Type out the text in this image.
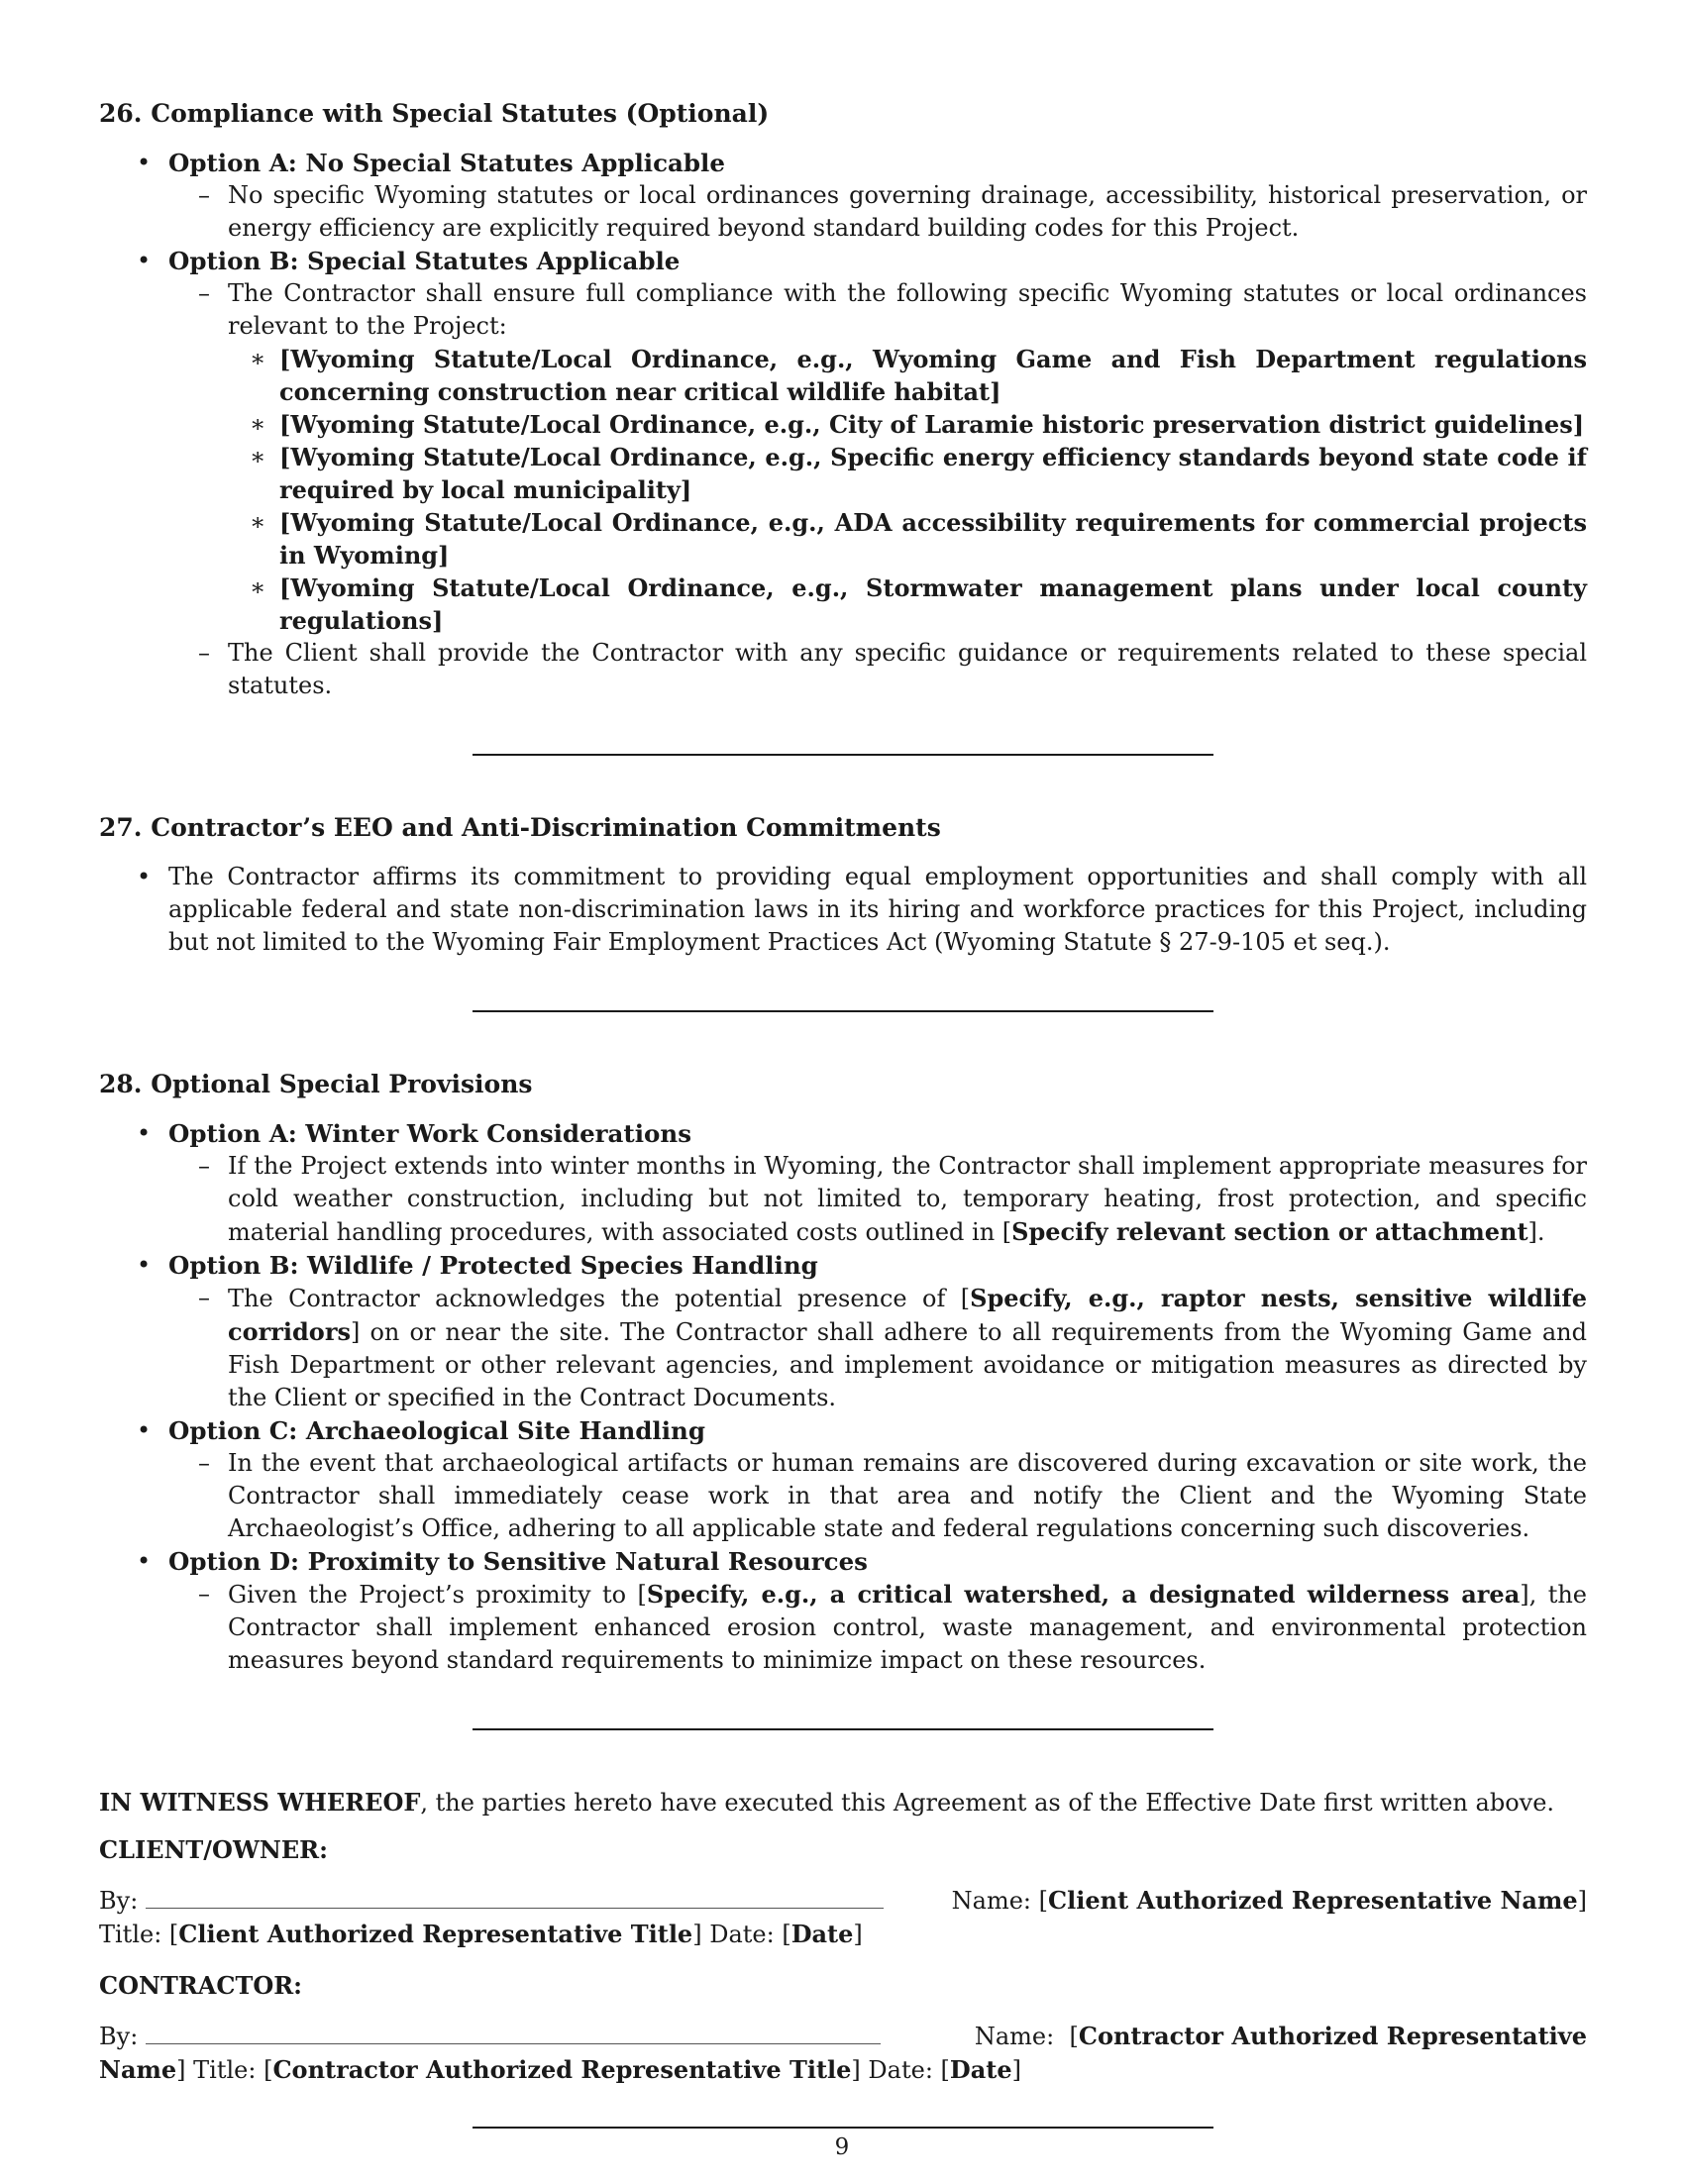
26. Compliance with Special Statutes (Optional)
• Option A: No Special Statutes Applicable
– No specific Wyoming statutes or local ordinances governing drainage, accessibility, historical preservation, or energy efficiency are explicitly required beyond standard building codes for this Project.
• Option B: Special Statutes Applicable
– The Contractor shall ensure full compliance with the following specific Wyoming statutes or local ordinances relevant to the Project:
∗ [Wyoming Statute/Local Ordinance, e.g., Wyoming Game and Fish Department regulations concerning construction near critical wildlife habitat]
∗ [Wyoming Statute/Local Ordinance, e.g., City of Laramie historic preservation district guidelines]
∗ [Wyoming Statute/Local Ordinance, e.g., Specific energy efficiency standards beyond state code if required by local municipality]
∗ [Wyoming Statute/Local Ordinance, e.g., ADA accessibility requirements for commercial projects in Wyoming]
∗ [Wyoming Statute/Local Ordinance, e.g., Stormwater management plans under local county regulations]
– The Client shall provide the Contractor with any specific guidance or requirements related to these special statutes.
27. Contractor’s EEO and Anti-Discrimination Commitments
• The Contractor affirms its commitment to providing equal employment opportunities and shall comply with all applicable federal and state non-discrimination laws in its hiring and workforce practices for this Project, including but not limited to the Wyoming Fair Employment Practices Act (Wyoming Statute § 27-9-105 et seq.).
28. Optional Special Provisions
• Option A: Winter Work Considerations
– If the Project extends into winter months in Wyoming, the Contractor shall implement appropriate measures for cold weather construction, including but not limited to, temporary heating, frost protection, and specific material handling procedures, with associated costs outlined in [Specify relevant section or attachment].
• Option B: Wildlife / Protected Species Handling
– The Contractor acknowledges the potential presence of [Specify, e.g., raptor nests, sensitive wildlife corridors] on or near the site. The Contractor shall adhere to all requirements from the Wyoming Game and Fish Department or other relevant agencies, and implement avoidance or mitigation measures as directed by the Client or specified in the Contract Documents.
• Option C: Archaeological Site Handling
– In the event that archaeological artifacts or human remains are discovered during excavation or site work, the Contractor shall immediately cease work in that area and notify the Client and the Wyoming State Archaeologist’s Office, adhering to all applicable state and federal regulations concerning such discoveries.
• Option D: Proximity to Sensitive Natural Resources
– Given the Project’s proximity to [Specify, e.g., a critical watershed, a designated wilderness area], the Contractor shall implement enhanced erosion control, waste management, and environmental protection measures beyond standard requirements to minimize impact on these resources.

IN WITNESS WHEREOF, the parties hereto have executed this Agreement as of the Effective Date first written above.

CLIENT/OWNER:
By:	Name: [Client Authorized Representative Name]
Title: [Client Authorized Representative Title] Date: [Date]
CONTRACTOR:
By:	Name:  [Contractor Authorized Representative
Name] Title: [Contractor Authorized Representative Title] Date: [Date]
9
